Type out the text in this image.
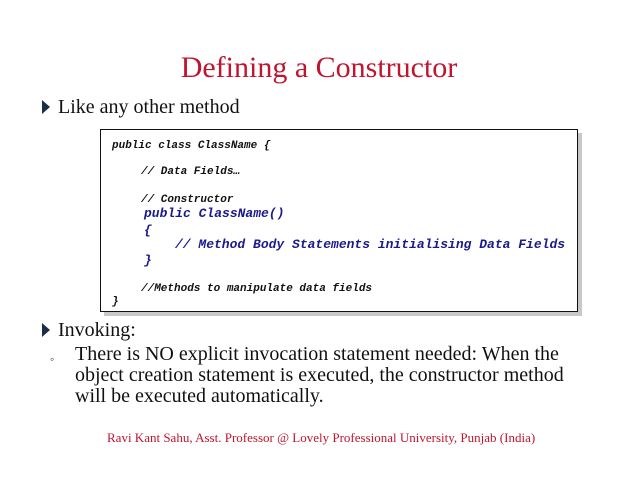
Defining a Constructor
Like any other method
public class ClassName {
// Data Fields…
// Constructor
public ClassName()
{
// Method Body Statements initialising Data Fields
}
//Methods to manipulate data fields
}
Invoking:
◦ There is NO explicit invocation statement needed: When the object creation statement is executed, the constructor method will be executed automatically.
Ravi Kant Sahu, Asst. Professor @ Lovely Professional University, Punjab (India)
